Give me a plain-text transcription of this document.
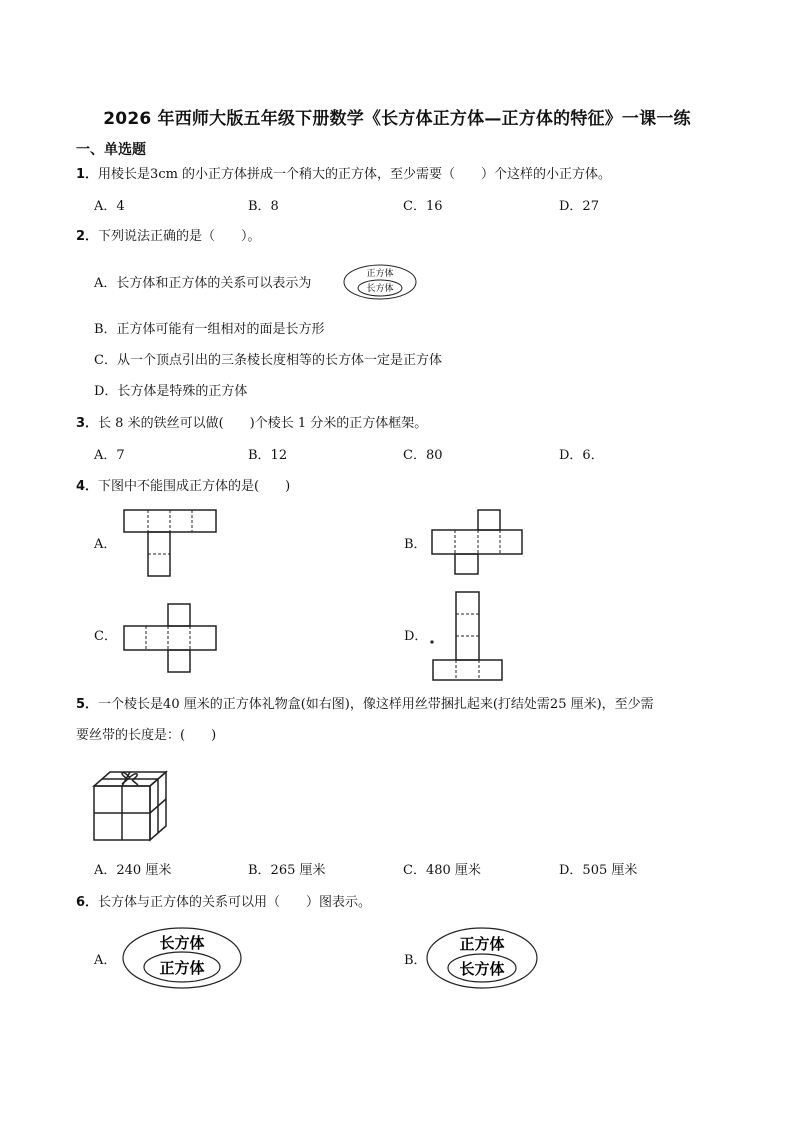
2026 年西师大版五年级下册数学《长方体正方体—正方体的特征》一课一练
一、单选题
1．用棱长是3cm 的小正方体拼成一个稍大的正方体，至少需要（　　）个这样的小正方体。
A．4	B．8	C．16	D．27
2．下列说法正确的是（　　）。
A．长方体和正方体的关系可以表示为
正方体
长方体
B．正方体可能有一组相对的面是长方形
C．从一个顶点引出的三条棱长度相等的长方体一定是正方体
D．长方体是特殊的正方体
3．长 8 米的铁丝可以做(　　)个棱长 1 分米的正方体框架。
A．7	B．12	C．80	D．6．
4．下图中不能围成正方体的是(　　)
A．	B．
C．	D．
5．一个棱长是40 厘米的正方体礼物盒(如右图)，像这样用丝带捆扎起来(打结处需25 厘米)，至少需
要丝带的长度是：(　　)
A．240 厘米	B．265 厘米	C．480 厘米	D．505 厘米
6．长方体与正方体的关系可以用（　　）图表示。
A．
长方体
正方体	B．
正方体
长方体
